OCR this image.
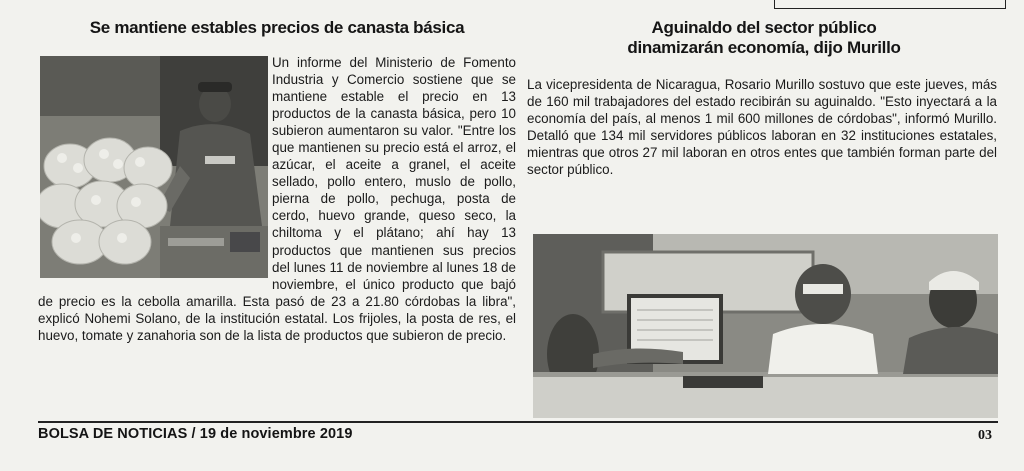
Se mantiene estables precios de canasta básica
Un informe del Ministerio de Fomento Industria y Comercio sostiene que se mantiene estable el precio en 13 productos de la canasta básica, pero 10 subieron aumentaron su valor. "Entre los que mantienen su precio está el arroz, el azúcar, el aceite a granel, el aceite sellado, pollo entero, muslo de pollo, pierna de pollo, pechuga, posta de cerdo, huevo grande, queso seco, la chiltoma y el plátano; ahí hay 13 productos que mantienen sus precios del lunes 11 de noviembre al lunes 18 de noviembre, el único producto que bajó de precio es la cebolla amarilla. Esta pasó de 23 a 21.80 córdobas la libra", explicó Nohemi Solano, de la institución estatal. Los frijoles, la posta de res, el huevo, tomate y zanahoria son de la lista de productos que subieron de precio.
Aguinaldo del sector público
dinamizarán economía, dijo Murillo
La vicepresidenta de Nicaragua, Rosario Murillo sostuvo que este jueves, más de 160 mil trabajadores del estado recibirán su aguinaldo. "Esto inyectará a la economía del país, al menos 1 mil 600 millones de córdobas", informó Murillo. Detalló que 134 mil servidores públicos laboran en 32 instituciones estatales, mientras que otros 27 mil laboran en otros entes que también forman parte del sector público.
BOLSA DE NOTICIAS / 19 de noviembre 2019	03
